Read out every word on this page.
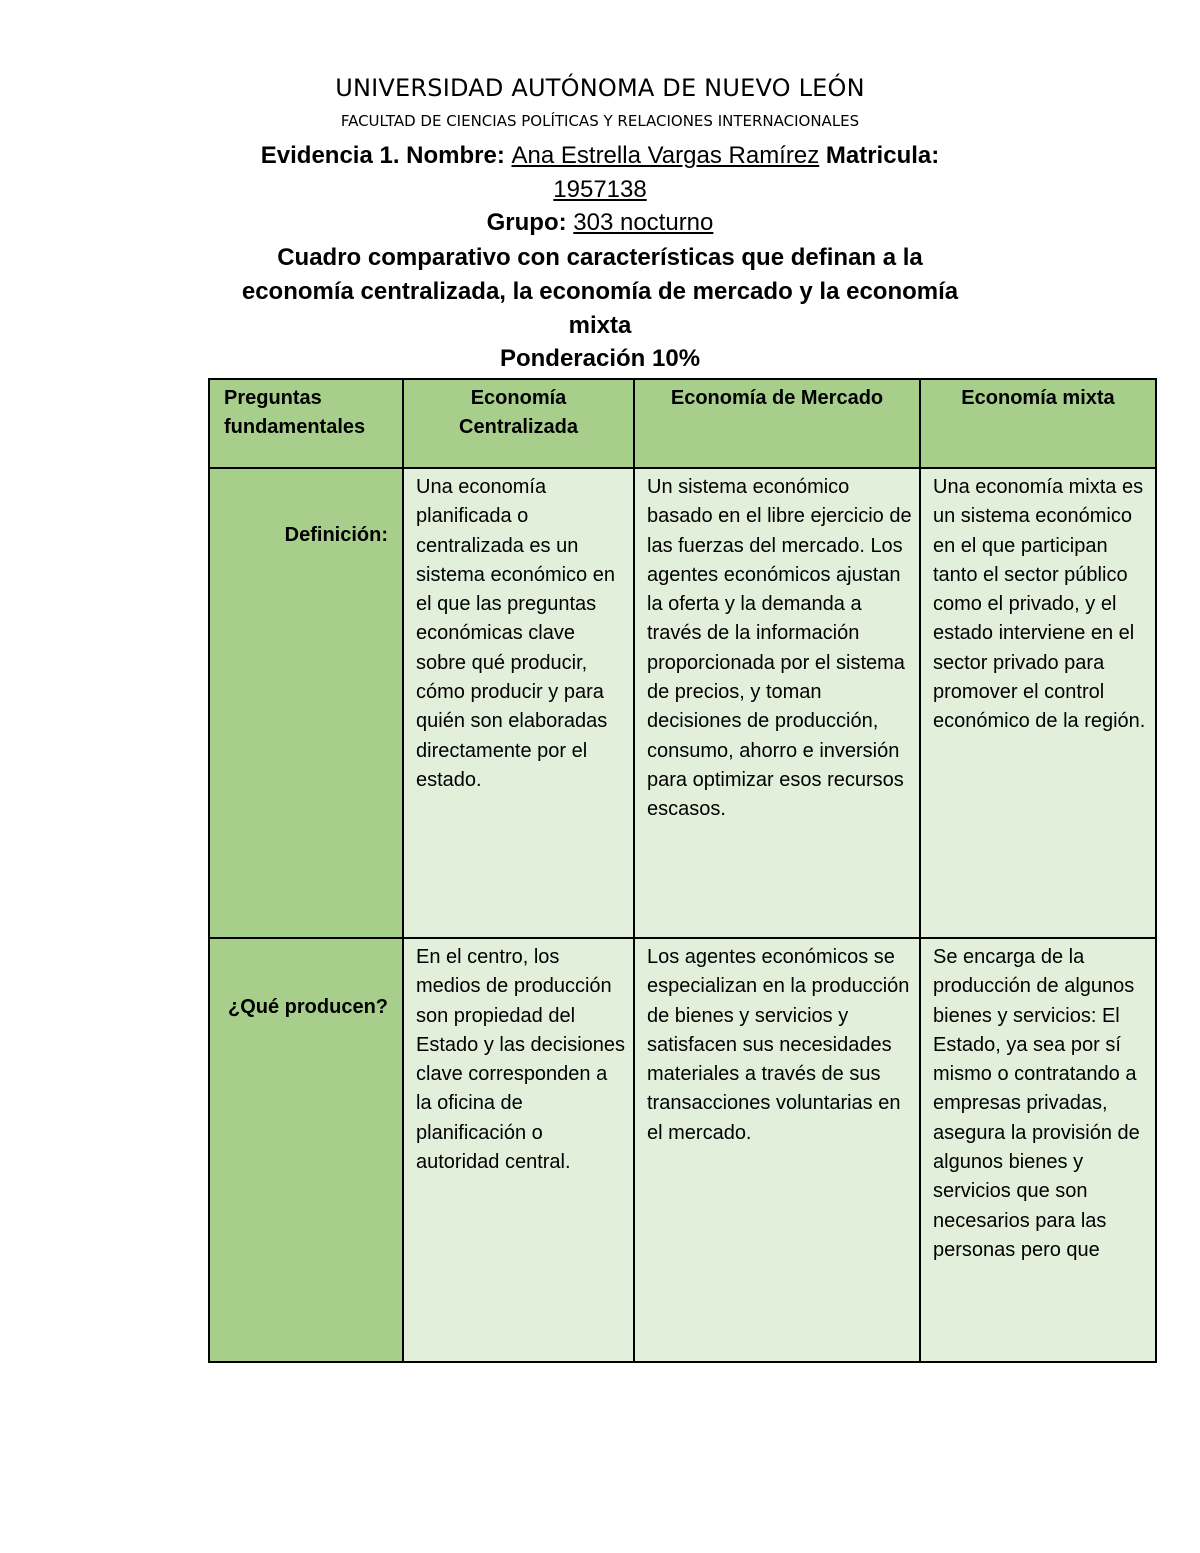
UNIVERSIDAD AUTÓNOMA DE NUEVO LEÓN
FACULTAD DE CIENCIAS POLÍTICAS Y RELACIONES INTERNACIONALES
Evidencia 1. Nombre: Ana Estrella Vargas Ramírez Matricula:
1957138
Grupo: 303 nocturno
Cuadro comparativo con características que definan a la
economía centralizada, la economía de mercado y la economía
mixta
Ponderación 10%
Preguntas fundamentales	Economía Centralizada	Economía de Mercado	Economía mixta

Definición:	Una economía planificada o centralizada es un sistema económico en el que las preguntas económicas clave sobre qué producir, cómo producir y para quién son elaboradas directamente por el estado.	Un sistema económico basado en el libre ejercicio de las fuerzas del mercado. Los agentes económicos ajustan la oferta y la demanda a través de la información proporcionada por el sistema de precios, y toman decisiones de producción, consumo, ahorro e inversión para optimizar esos recursos escasos.	Una economía mixta es un sistema económico en el que participan tanto el sector público como el privado, y el estado interviene en el sector privado para promover el control económico de la región.

¿Qué producen?	En el centro, los medios de producción son propiedad del Estado y las decisiones clave corresponden a la oficina de planificación o autoridad central.	Los agentes económicos se especializan en la producción de bienes y servicios y satisfacen sus necesidades materiales a través de sus transacciones voluntarias en el mercado.	Se encarga de la producción de algunos bienes y servicios: El Estado, ya sea por sí mismo o contratando a empresas privadas, asegura la provisión de algunos bienes y servicios que son necesarios para las personas pero que
